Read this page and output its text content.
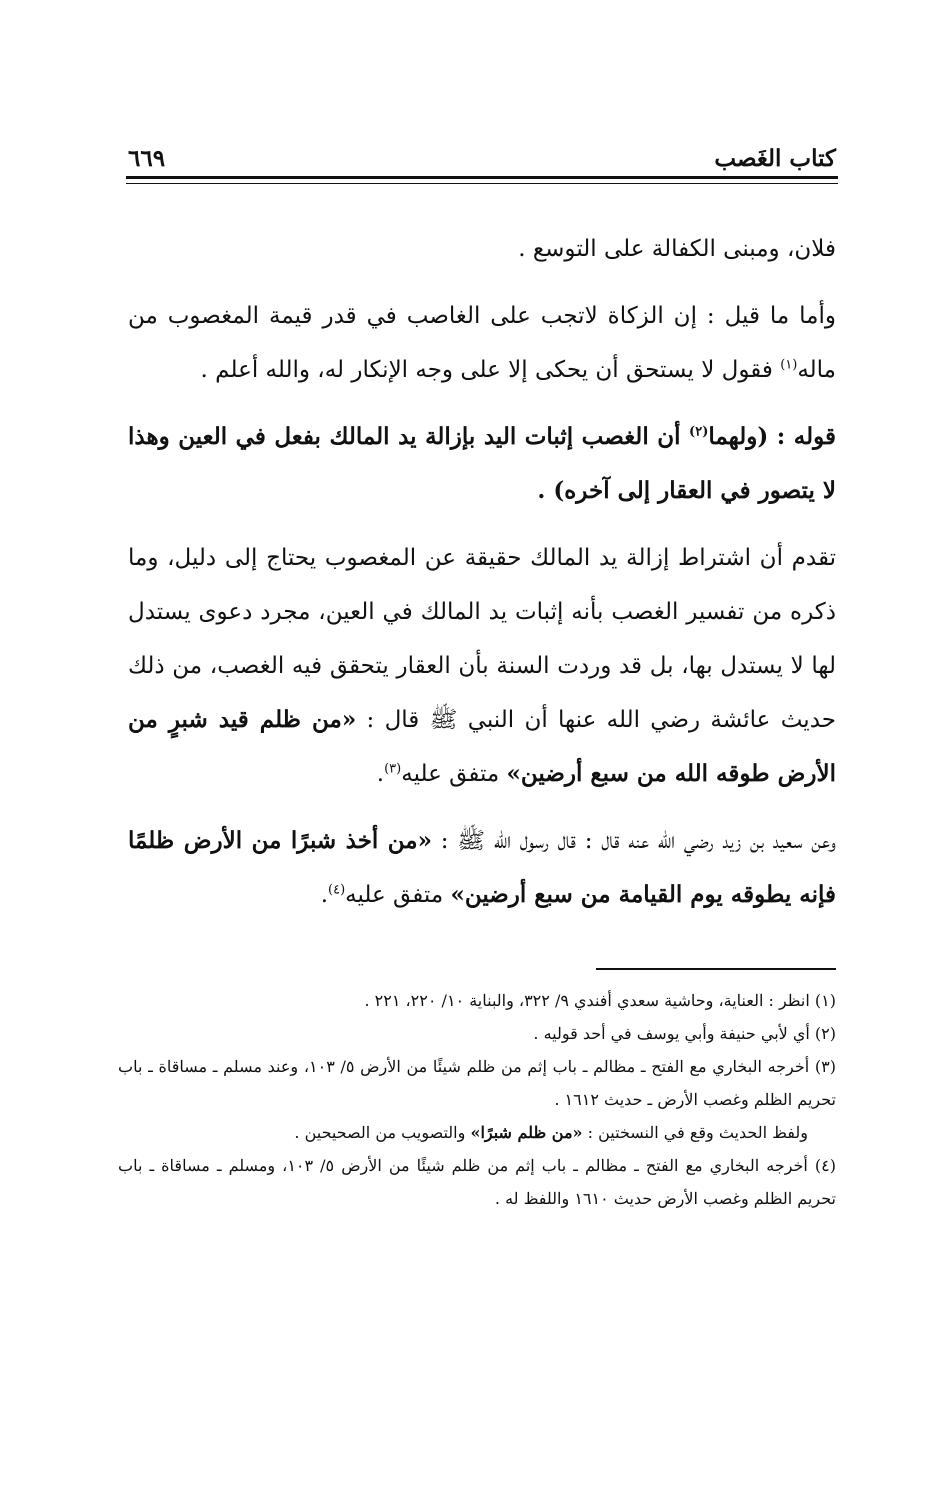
كتاب الغَصب
٦٦٩

فلان، ومبنى الكفالة على التوسع .

وأما ما قيل : إن الزكاة لاتجب على الغاصب في قدر قيمة المغصوب من ماله$^{(١)}$ فقول لا يستحق أن يحكى إلا على وجه الإنكار له، والله أعلم .

قوله : (ولهما$^{(٢)}$ أن الغصب إثبات اليد بإزالة يد المالك بفعل في العين وهذا لا يتصور في العقار إلى آخره) .

تقدم أن اشتراط إزالة يد المالك حقيقة عن المغصوب يحتاج إلى دليل، وما ذكره من تفسير الغصب بأنه إثبات يد المالك في العين، مجرد دعوى يستدل لها لا يستدل بها، بل قد وردت السنة بأن العقار يتحقق فيه الغصب، من ذلك حديث عائشة رضي الله عنها أن النبي ﷺ قال : «من ظلم قيد شبرٍ من الأرض طوقه الله من سبع أرضين» متفق عليه$^{(٣)}$.

وعن سعيد بن زيد رضي الله عنه قال : قال رسول الله ﷺ : «من أخذ شبرًا من الأرض ظلمًا فإنه يطوقه يوم القيامة من سبع أرضين» متفق عليه$^{(٤)}$.

(١) انظر : العناية، وحاشية سعدي أفندي ٩/ ٣٢٢، والبناية ١٠/ ٢٢٠، ٢٢١ .

(٢) أي لأبي حنيفة وأبي يوسف في أحد قوليه .

(٣) أخرجه البخاري مع الفتح ـ مظالم ـ باب إثم من ظلم شيئًا من الأرض ٥/ ١٠٣، وعند مسلم ـ مساقاة ـ باب تحريم الظلم وغصب الأرض ـ حديث ١٦١٢ .

ولفظ الحديث وقع في النسختين : «من ظلم شبرًا» والتصويب من الصحيحين .

(٤) أخرجه البخاري مع الفتح ـ مظالم ـ باب إثم من ظلم شيئًا من الأرض ٥/ ١٠٣، ومسلم ـ مساقاة ـ باب تحريم الظلم وغصب الأرض حديث ١٦١٠ واللفظ له .
